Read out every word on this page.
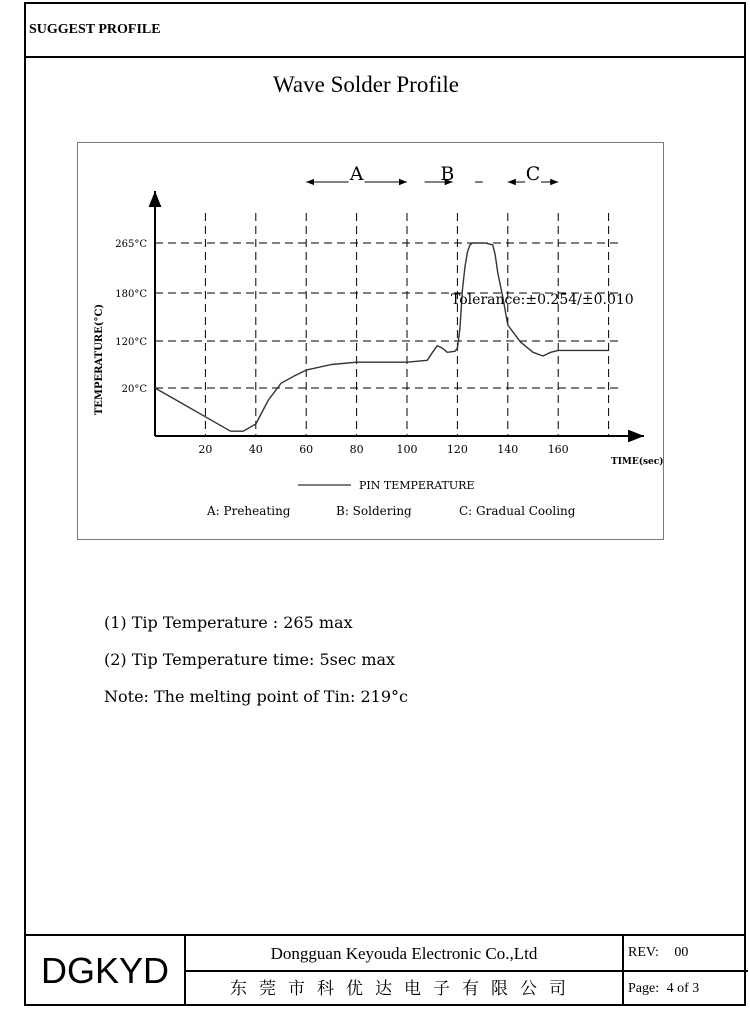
SUGGEST PROFILE
Wave Solder Profile
20°C
120°C
180°C
265°C
20	40	60	80	100	120	140	160
TIME(sec)
TEMPERATURE(°C)
A	B	C
Tolerance:±0.254/±0.010
PIN TEMPERATURE
A: Preheating	B: Soldering	C: Gradual Cooling
(1) Tip Temperature : 265 max
(2) Tip Temperature time: 5sec max
Note: The melting point of Tin: 219°c
DGKYD	Dongguan Keyouda Electronic Co.,Ltd
东莞市科优达电子有限公司
REV: 00
Page: 4 of 3
